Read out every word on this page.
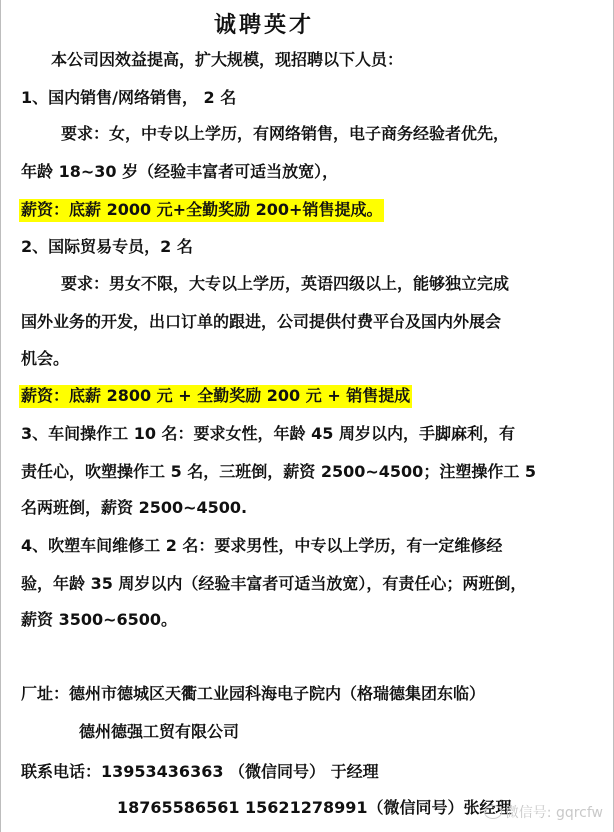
诚聘英才
本公司因效益提高，扩大规模，现招聘以下人员：
1、国内销售/网络销售， 2 名
要求：女，中专以上学历，有网络销售，电子商务经验者优先，
年龄 18~30 岁（经验丰富者可适当放宽），
薪资：底薪 2000 元+全勤奖励 200+销售提成。
2、国际贸易专员，2 名
要求：男女不限，大专以上学历，英语四级以上，能够独立完成
国外业务的开发，出口订单的跟进，公司提供付费平台及国内外展会
机会。
薪资：底薪 2800 元 + 全勤奖励 200 元 + 销售提成
3、车间操作工 10 名：要求女性，年龄 45 周岁以内，手脚麻利，有
责任心，吹塑操作工 5 名，三班倒，薪资 2500~4500；注塑操作工 5
名两班倒，薪资 2500~4500.
4、吹塑车间维修工 2 名：要求男性，中专以上学历，有一定维修经
验，年龄 35 周岁以内（经验丰富者可适当放宽），有责任心；两班倒，
薪资 3500~6500。
厂址：德州市德城区天衢工业园科海电子院内（格瑞德集团东临）
德州德强工贸有限公司
联系电话：13953436363 （微信同号） 于经理
18765586561 15621278991（微信同号）张经理
微信号: gqrcfw
